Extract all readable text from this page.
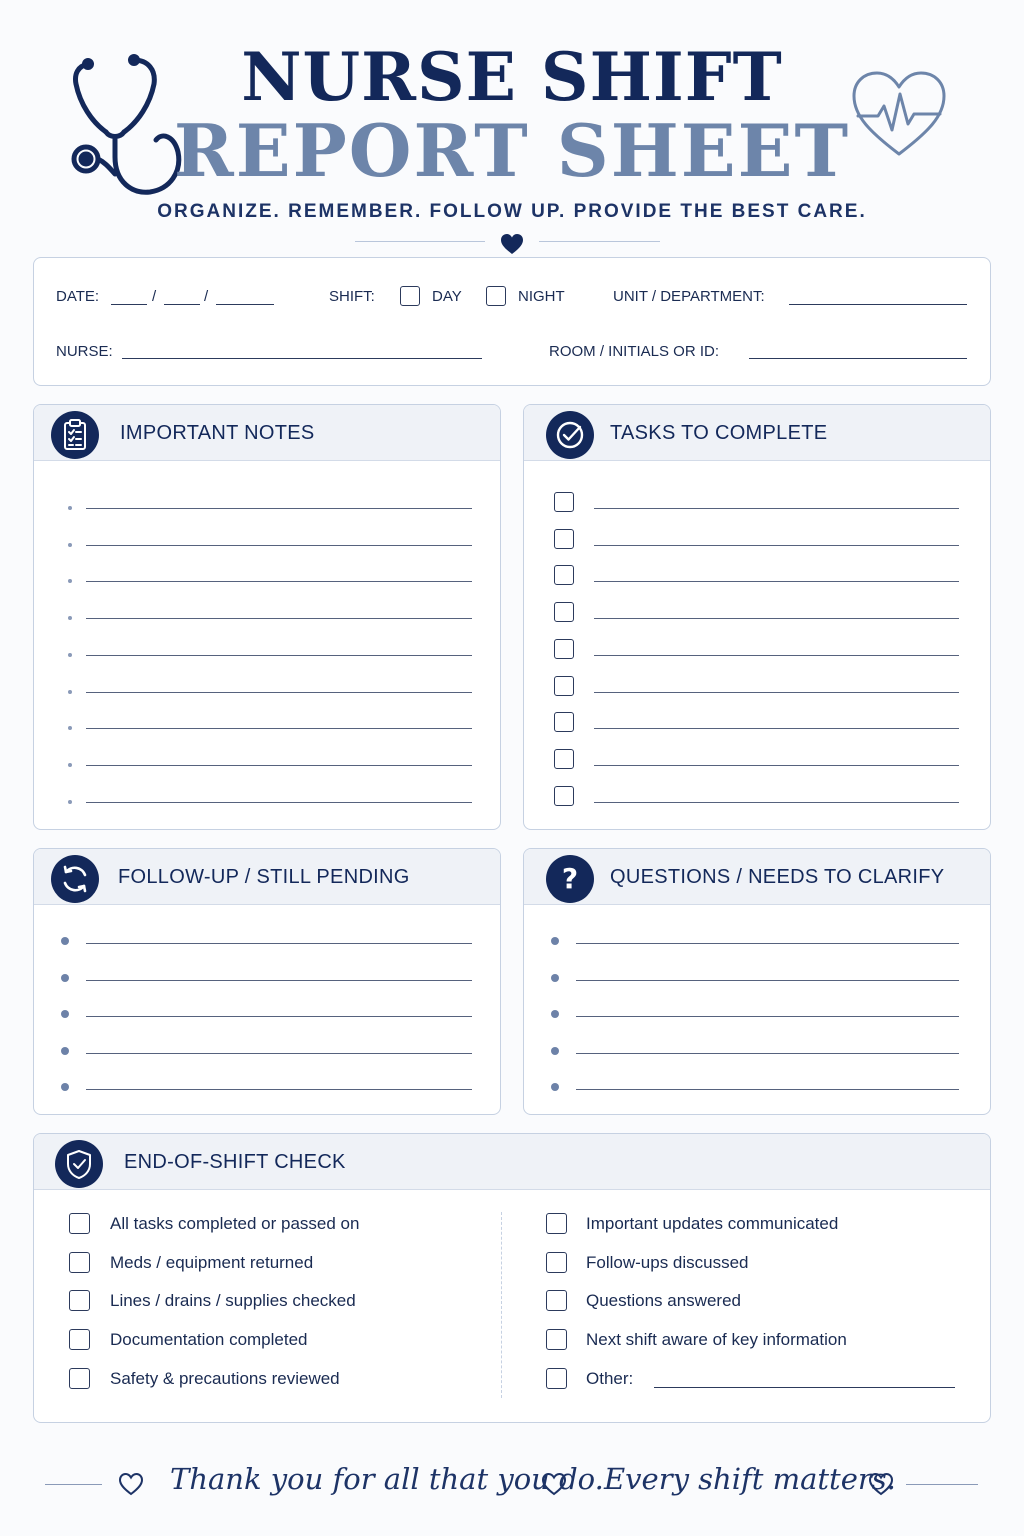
NURSE SHIFT
REPORT SHEET
ORGANIZE. REMEMBER. FOLLOW UP. PROVIDE THE BEST CARE.
DATE:	/	/	SHIFT:	DAY	NIGHT	UNIT / DEPARTMENT:
NURSE:	ROOM / INITIALS OR ID:
IMPORTANT NOTES	TASKS TO COMPLETE
FOLLOW-UP / STILL PENDING	? QUESTIONS / NEEDS TO CLARIFY
END-OF-SHIFT CHECK
All tasks completed or passed on
Meds / equipment returned
Lines / drains / supplies checked
Documentation completed
Safety & precautions reviewed
Important updates communicated
Follow-ups discussed
Questions answered
Next shift aware of key information
Other:
Thank you for all that you do. Every shift matters.
